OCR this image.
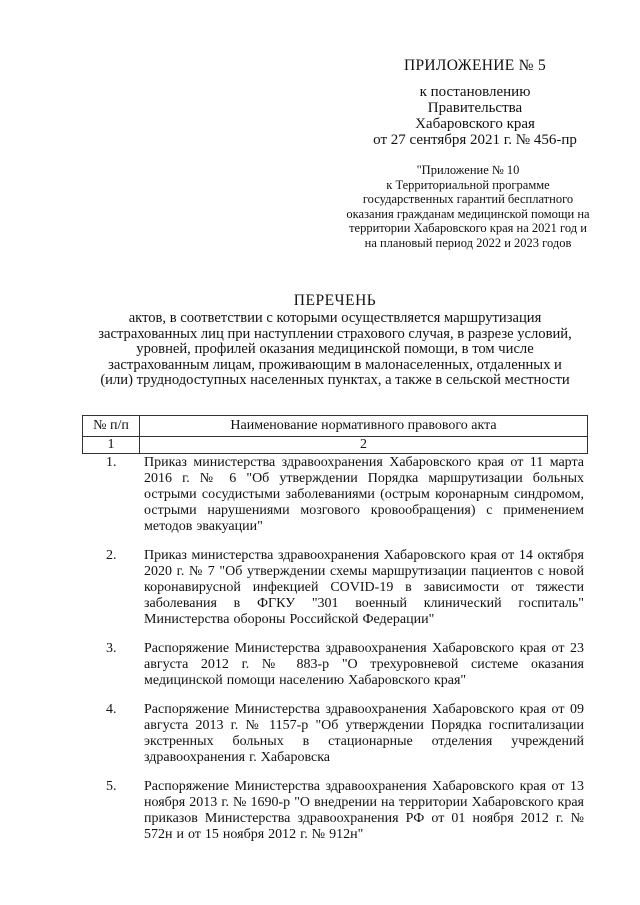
ПРИЛОЖЕНИЕ № 5
к постановлению
Правительства
Хабаровского края
от 27 сентября 2021 г. № 456-пр
"Приложение № 10
к Территориальной программе
государственных гарантий бесплатного
оказания гражданам медицинской помощи на
территории Хабаровского края на 2021 год и
на плановый период 2022 и 2023 годов
ПЕРЕЧЕНЬ
актов, в соответствии с которыми осуществляется маршрутизация
застрахованных лиц при наступлении страхового случая, в разрезе условий,
уровней, профилей оказания медицинской помощи, в том числе
застрахованным лицам, проживающим в малонаселенных, отдаленных и
(или) труднодоступных населенных пунктах, а также в сельской местности
№ п/п	Наименование нормативного правового акта
1	2
1.	Приказ министерства здравоохранения Хабаровского края от 11 марта 2016 г. № 6 "Об утверждении Порядка маршрутизации больных острыми сосудистыми заболеваниями (острым коронарным синдромом, острыми нарушениями мозгового кровообращения) с применением методов эвакуации"
2.	Приказ министерства здравоохранения Хабаровского края от 14 октября 2020 г. № 7 "Об утверждении схемы маршрутизации пациентов с новой коронавирусной инфекцией COVID-19 в зависимости от тяжести заболевания в ФГКУ "301 военный клинический госпиталь" Министерства обороны Российской Федерации"
3.	Распоряжение Министерства здравоохранения Хабаровского края от 23 августа 2012 г. № 883-р "О трехуровневой системе оказания медицинской помощи населению Хабаровского края"
4.	Распоряжение Министерства здравоохранения Хабаровского края от 09 августа 2013 г. № 1157-р "Об утверждении Порядка госпитализации экстренных больных в стационарные отделения учреждений здравоохранения г. Хабаровска
5.	Распоряжение Министерства здравоохранения Хабаровского края от 13 ноября 2013 г. № 1690-р "О внедрении на территории Хабаровского края приказов Министерства здравоохранения РФ от 01 ноября 2012 г. № 572н и от 15 ноября 2012 г. № 912н"
